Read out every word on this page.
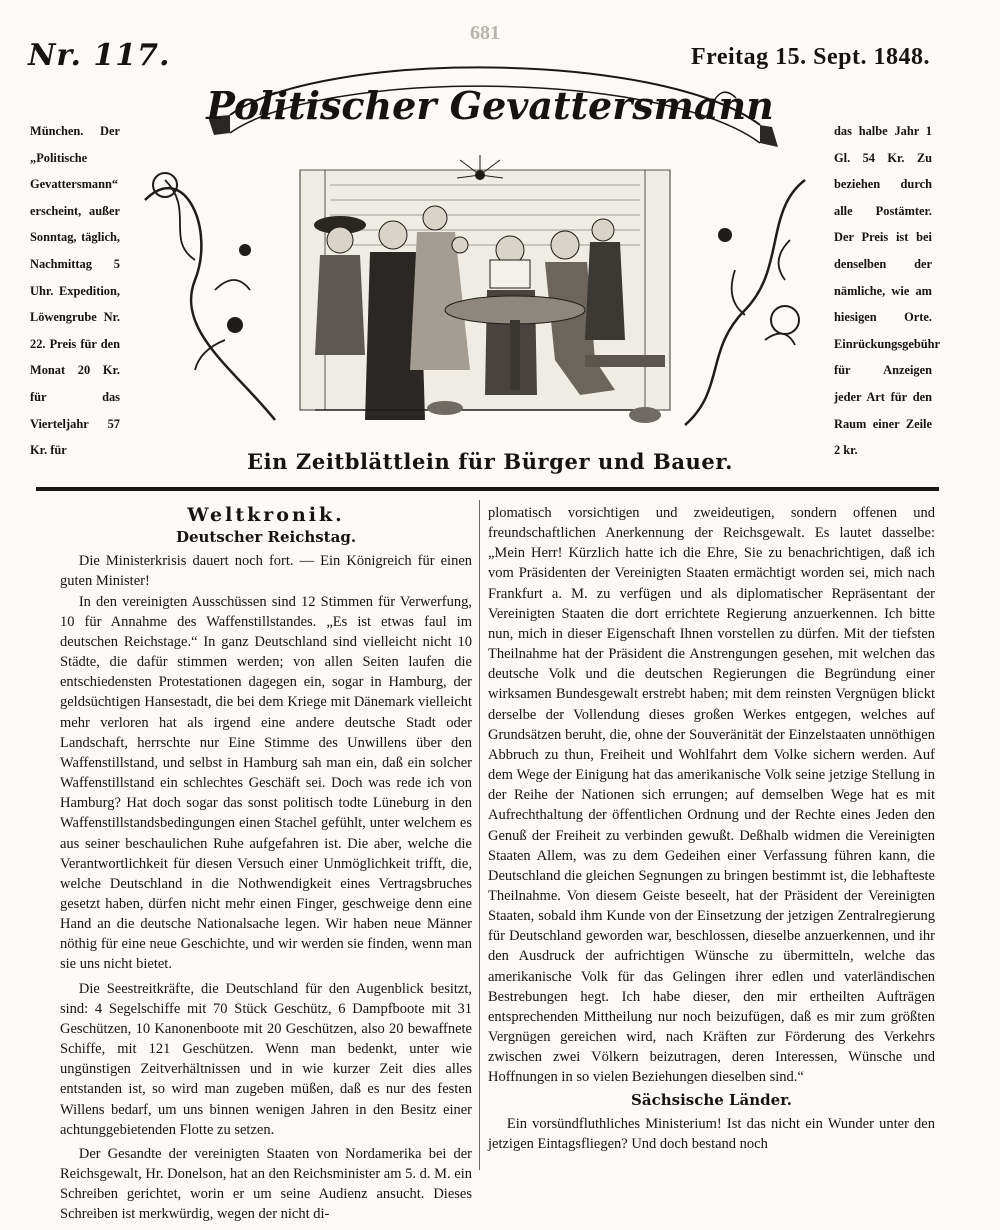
681
Nr. 117.	Freitag 15. Sept. 1848.
Politischer Gevattersmann
München. Der „Politische Gevattersmann“ erscheint, außer Sonntag, täglich, Nachmittag 5 Uhr. Expedition, Löwengrube Nr. 22. Preis für den Monat 20 Kr. für das Vierteljahr 57 Kr. für
das halbe Jahr 1 Gl. 54 Kr. Zu beziehen durch alle Postämter. Der Preis ist bei denselben der nämliche, wie am hiesigen Orte. Einrückungsgebühr für Anzeigen jeder Art für den Raum einer Zeile 2 kr.
Ein Zeitblättlein für Bürger und Bauer.
Weltkronik.
Deutscher Reichstag.

Die Ministerkrisis dauert noch fort. — Ein Königreich für einen guten Minister!

In den vereinigten Ausschüssen sind 12 Stimmen für Verwerfung, 10 für Annahme des Waffenstillstandes. „Es ist etwas faul im deutschen Reichstage.“ In ganz Deutschland sind vielleicht nicht 10 Städte, die dafür stimmen werden; von allen Seiten laufen die entschiedensten Protestationen dagegen ein, sogar in Hamburg, der geldsüchtigen Hansestadt, die bei dem Kriege mit Dänemark vielleicht mehr verloren hat als irgend eine andere deutsche Stadt oder Landschaft, herrschte nur Eine Stimme des Unwillens über den Waffenstillstand, und selbst in Hamburg sah man ein, daß ein solcher Waffenstillstand ein schlechtes Geschäft sei. Doch was rede ich von Hamburg? Hat doch sogar das sonst politisch todte Lüneburg in den Waffenstillstandsbedingungen einen Stachel gefühlt, unter welchem es aus seiner beschaulichen Ruhe aufgefahren ist. Die aber, welche die Verantwortlichkeit für diesen Versuch einer Unmöglichkeit trifft, die, welche Deutschland in die Nothwendigkeit eines Vertragsbruches gesetzt haben, dürfen nicht mehr einen Finger, geschweige denn eine Hand an die deutsche Nationalsache legen. Wir haben neue Männer nöthig für eine neue Geschichte, und wir werden sie finden, wenn man sie uns nicht bietet.

Die Seestreitkräfte, die Deutschland für den Augenblick besitzt, sind: 4 Segelschiffe mit 70 Stück Geschütz, 6 Dampfboote mit 31 Geschützen, 10 Kanonenboote mit 20 Geschützen, also 20 bewaffnete Schiffe, mit 121 Geschützen. Wenn man bedenkt, unter wie ungünstigen Zeitverhältnissen und in wie kurzer Zeit dies alles entstanden ist, so wird man zugeben müßen, daß es nur des festen Willens bedarf, um uns binnen wenigen Jahren in den Besitz einer achtunggebietenden Flotte zu setzen.

Der Gesandte der vereinigten Staaten von Nordamerika bei der Reichsgewalt, Hr. Donelson, hat an den Reichsminister am 5. d. M. ein Schreiben gerichtet, worin er um seine Audienz ansucht. Dieses Schreiben ist merkwürdig, wegen der nicht di-

plomatisch vorsichtigen und zweideutigen, sondern offenen und freundschaftlichen Anerkennung der Reichsgewalt. Es lautet dasselbe: „Mein Herr! Kürzlich hatte ich die Ehre, Sie zu benachrichtigen, daß ich vom Präsidenten der Vereinigten Staaten ermächtigt worden sei, mich nach Frankfurt a. M. zu verfügen und als diplomatischer Repräsentant der Vereinigten Staaten die dort errichtete Regierung anzuerkennen. Ich bitte nun, mich in dieser Eigenschaft Ihnen vorstellen zu dürfen. Mit der tiefsten Theilnahme hat der Präsident die Anstrengungen gesehen, mit welchen das deutsche Volk und die deutschen Regierungen die Begründung einer wirksamen Bundesgewalt erstrebt haben; mit dem reinsten Vergnügen blickt derselbe der Vollendung dieses großen Werkes entgegen, welches auf Grundsätzen beruht, die, ohne der Souveränität der Einzelstaaten unnöthigen Abbruch zu thun, Freiheit und Wohlfahrt dem Volke sichern werden. Auf dem Wege der Einigung hat das amerikanische Volk seine jetzige Stellung in der Reihe der Nationen sich errungen; auf demselben Wege hat es mit Aufrechthaltung der öffentlichen Ordnung und der Rechte eines Jeden den Genuß der Freiheit zu verbinden gewußt. Deßhalb widmen die Vereinigten Staaten Allem, was zu dem Gedeihen einer Verfassung führen kann, die Deutschland die gleichen Segnungen zu bringen bestimmt ist, die lebhafteste Theilnahme. Von diesem Geiste beseelt, hat der Präsident der Vereinigten Staaten, sobald ihm Kunde von der Einsetzung der jetzigen Zentralregierung für Deutschland geworden war, beschlossen, dieselbe anzuerkennen, und ihr den Ausdruck der aufrichtigen Wünsche zu übermitteln, welche das amerikanische Volk für das Gelingen ihrer edlen und vaterländischen Bestrebungen hegt. Ich habe dieser, den mir ertheilten Aufträgen entsprechenden Mittheilung nur noch beizufügen, daß es mir zum größten Vergnügen gereichen wird, nach Kräften zur Förderung des Verkehrs zwischen zwei Völkern beizutragen, deren Interessen, Wünsche und Hoffnungen in so vielen Beziehungen dieselben sind.“

Sächsische Länder.

Ein vorsündfluthliches Ministerium! Ist das nicht ein Wunder unter den jetzigen Eintagsfliegen? Und doch bestand noch
